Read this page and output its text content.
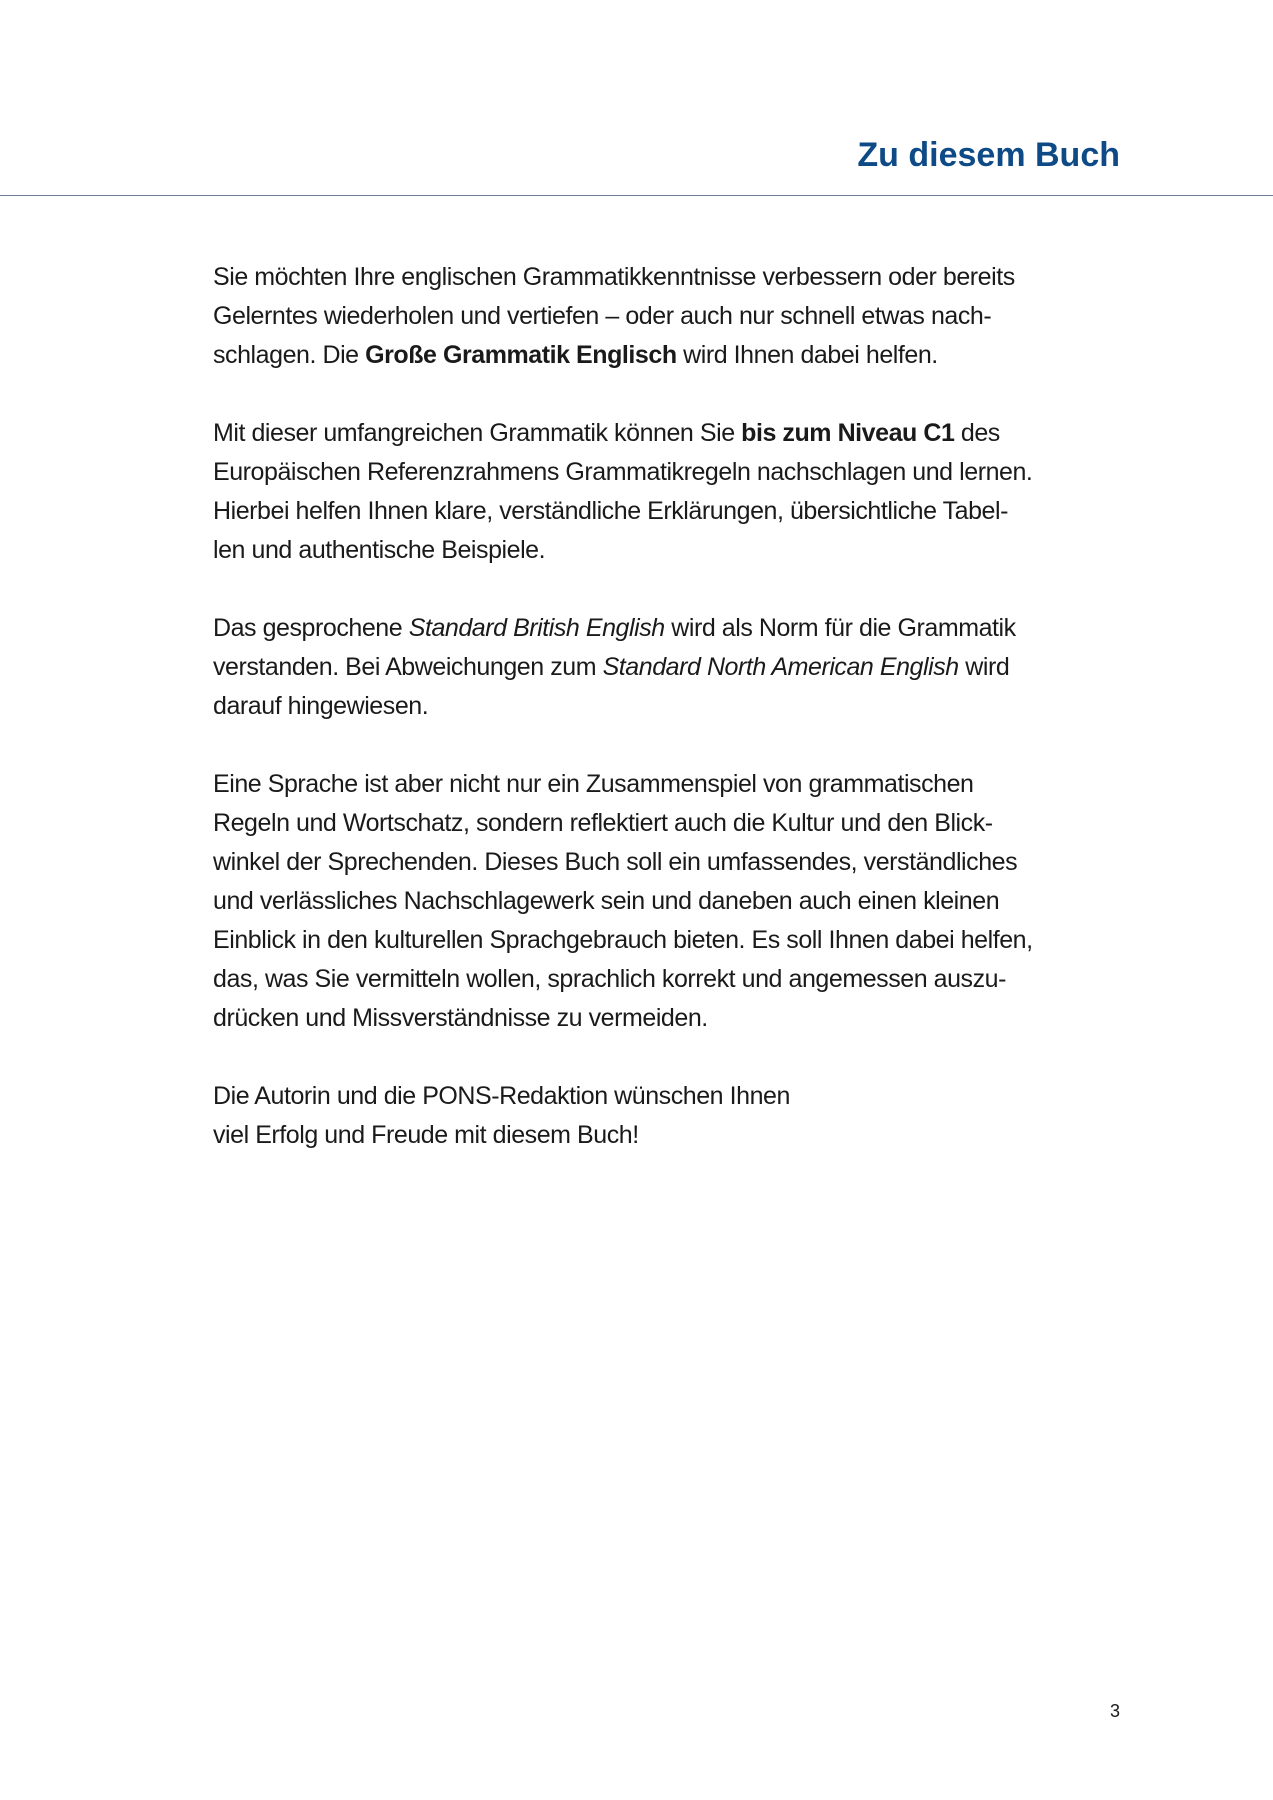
Zu diesem Buch

Sie möchten Ihre englischen Grammatikkenntnisse verbessern oder bereits
Gelerntes wiederholen und vertiefen – oder auch nur schnell etwas nach-
schlagen. Die Große Grammatik Englisch wird Ihnen dabei helfen.

Mit dieser umfangreichen Grammatik können Sie bis zum Niveau C1 des
Europäischen Referenzrahmens Grammatikregeln nachschlagen und lernen.
Hierbei helfen Ihnen klare, verständliche Erklärungen, übersichtliche Tabel-
len und authentische Beispiele.

Das gesprochene Standard British English wird als Norm für die Grammatik
verstanden. Bei Abweichungen zum Standard North American English wird
darauf hingewiesen.

Eine Sprache ist aber nicht nur ein Zusammenspiel von grammatischen
Regeln und Wortschatz, sondern reflektiert auch die Kultur und den Blick-
winkel der Sprechenden. Dieses Buch soll ein umfassendes, verständliches
und verlässliches Nachschlagewerk sein und daneben auch einen kleinen
Einblick in den kulturellen Sprachgebrauch bieten. Es soll Ihnen dabei helfen,
das, was Sie vermitteln wollen, sprachlich korrekt und angemessen auszu-
drücken und Missverständnisse zu vermeiden.

Die Autorin und die PONS-Redaktion wünschen Ihnen
viel Erfolg und Freude mit diesem Buch!

3
